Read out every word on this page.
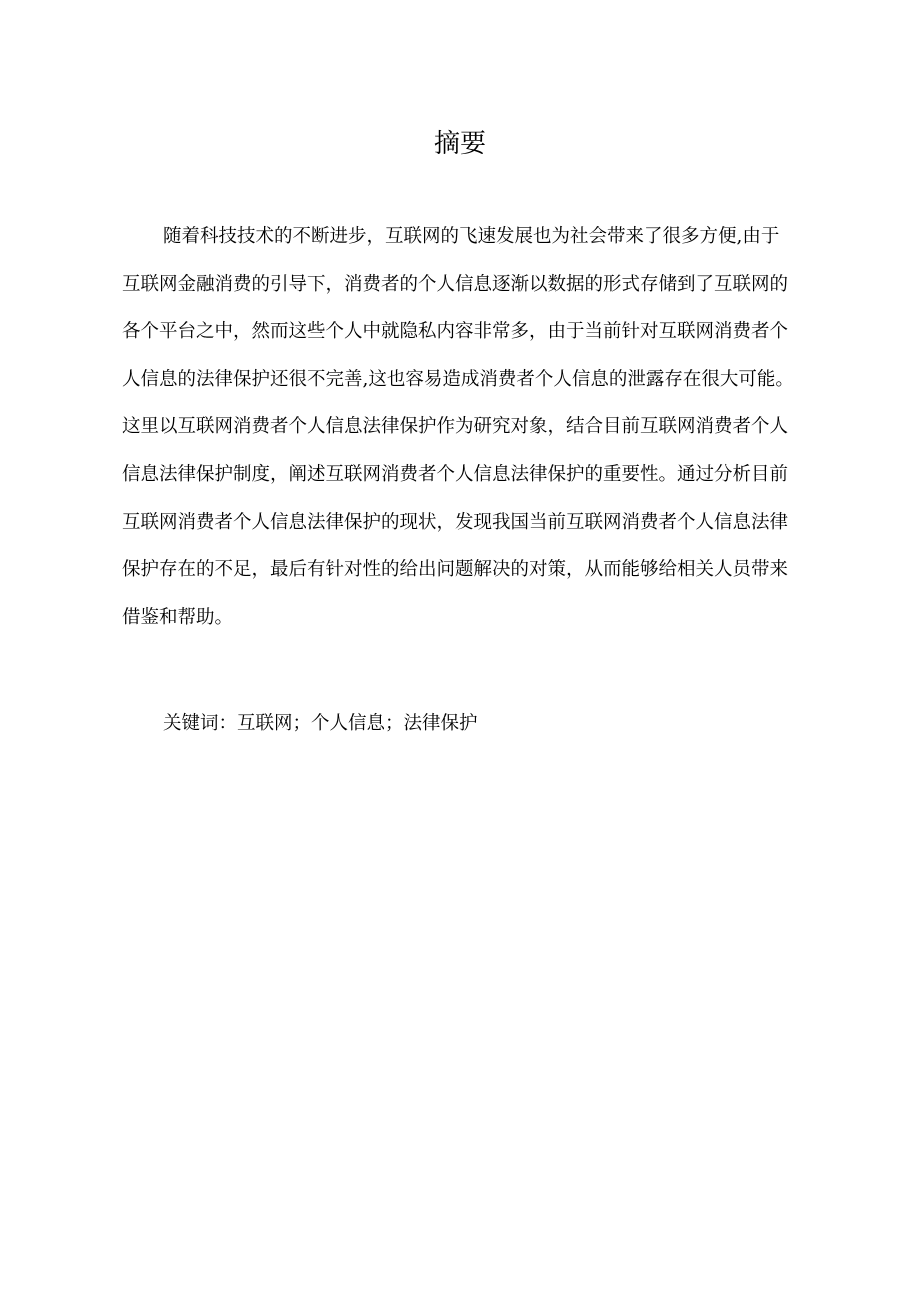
摘要
随着科技技术的不断进步，互联网的飞速发展也为社会带来了很多方便,由于
互联网金融消费的引导下，消费者的个人信息逐渐以数据的形式存储到了互联网的
各个平台之中，然而这些个人中就隐私内容非常多，由于当前针对互联网消费者个
人信息的法律保护还很不完善,这也容易造成消费者个人信息的泄露存在很大可能。
这里以互联网消费者个人信息法律保护作为研究对象，结合目前互联网消费者个人
信息法律保护制度，阐述互联网消费者个人信息法律保护的重要性。通过分析目前
互联网消费者个人信息法律保护的现状，发现我国当前互联网消费者个人信息法律
保护存在的不足，最后有针对性的给出问题解决的对策，从而能够给相关人员带来
借鉴和帮助。
关键词：互联网；个人信息；法律保护
